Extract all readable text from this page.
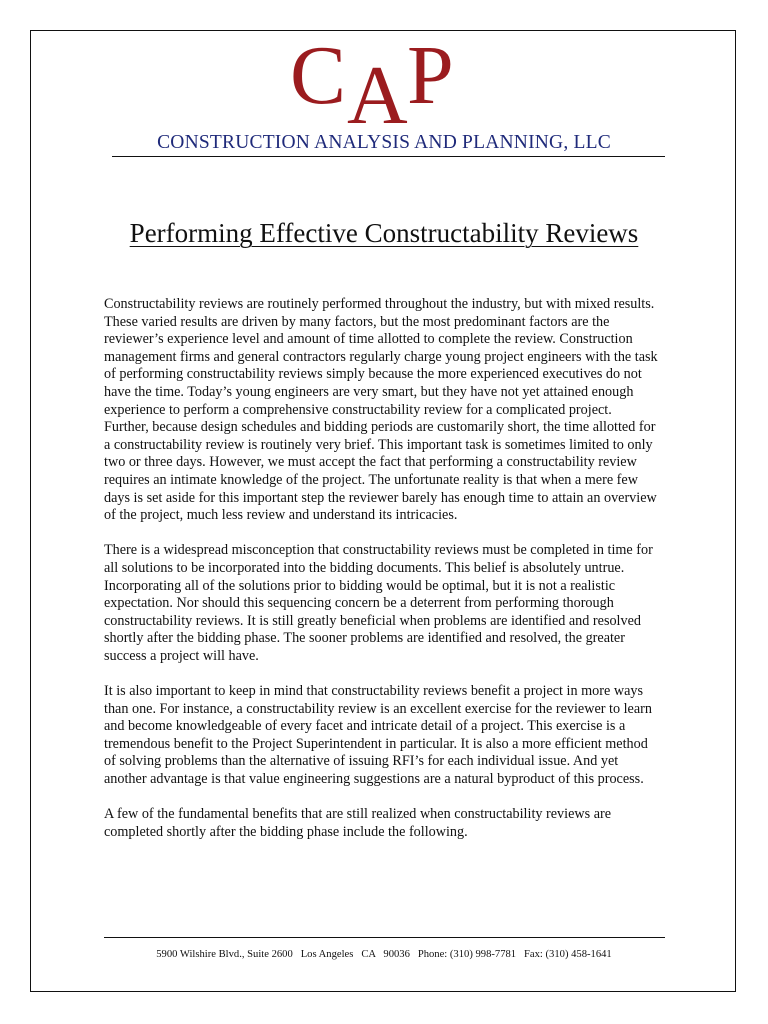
C A P
CONSTRUCTION ANALYSIS AND PLANNING, LLC
Performing Effective Constructability Reviews

Constructability reviews are routinely performed throughout the industry, but with mixed results. These varied results are driven by many factors, but the most predominant factors are the reviewer’s experience level and amount of time allotted to complete the review. Construction management firms and general contractors regularly charge young project engineers with the task of performing constructability reviews simply because the more experienced executives do not have the time. Today’s young engineers are very smart, but they have not yet attained enough experience to perform a comprehensive constructability review for a complicated project. Further, because design schedules and bidding periods are customarily short, the time allotted for a constructability review is routinely very brief. This important task is sometimes limited to only two or three days. However, we must accept the fact that performing a constructability review requires an intimate knowledge of the project. The unfortunate reality is that when a mere few days is set aside for this important step the reviewer barely has enough time to attain an overview of the project, much less review and understand its intricacies.

There is a widespread misconception that constructability reviews must be completed in time for all solutions to be incorporated into the bidding documents. This belief is absolutely untrue. Incorporating all of the solutions prior to bidding would be optimal, but it is not a realistic expectation. Nor should this sequencing concern be a deterrent from performing thorough constructability reviews. It is still greatly beneficial when problems are identified and resolved shortly after the bidding phase. The sooner problems are identified and resolved, the greater success a project will have.

It is also important to keep in mind that constructability reviews benefit a project in more ways than one. For instance, a constructability review is an excellent exercise for the reviewer to learn and become knowledgeable of every facet and intricate detail of a project. This exercise is a tremendous benefit to the Project Superintendent in particular. It is also a more efficient method of solving problems than the alternative of issuing RFI’s for each individual issue. And yet another advantage is that value engineering suggestions are a natural byproduct of this process.

A few of the fundamental benefits that are still realized when constructability reviews are completed shortly after the bidding phase include the following.

5900 Wilshire Blvd., Suite 2600   Los Angeles   CA   90036   Phone: (310) 998-7781   Fax: (310) 458-1641
